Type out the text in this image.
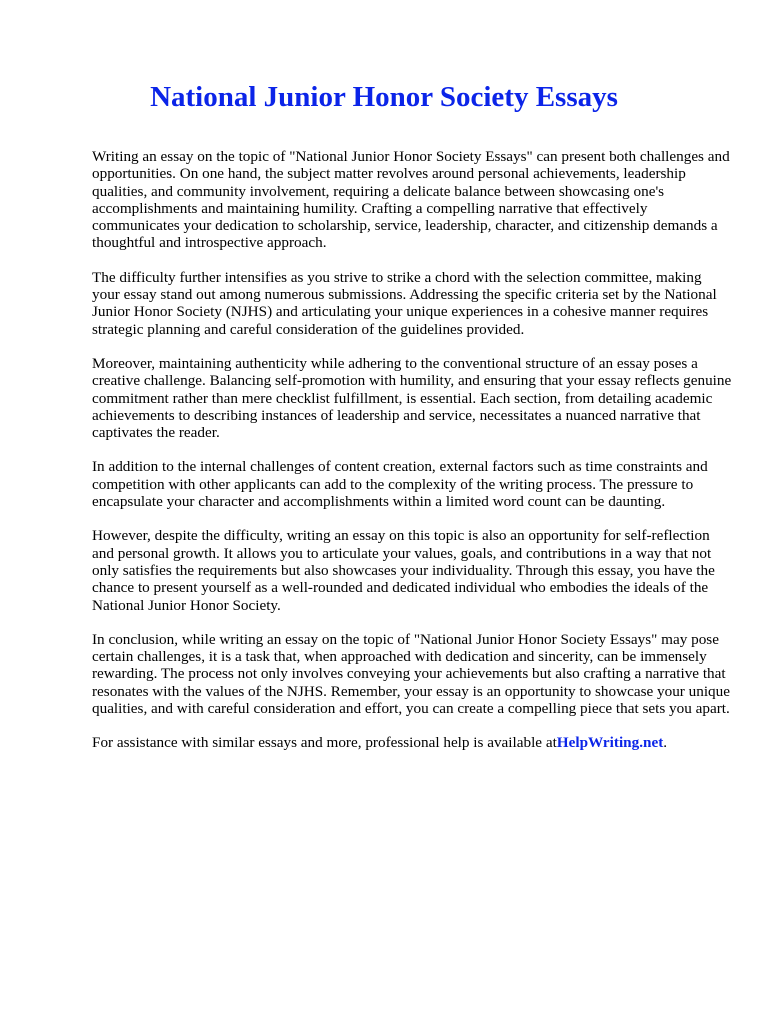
National Junior Honor Society Essays

Writing an essay on the topic of "National Junior Honor Society Essays" can present both challenges and opportunities. On one hand, the subject matter revolves around personal achievements, leadership qualities, and community involvement, requiring a delicate balance between showcasing one's accomplishments and maintaining humility. Crafting a compelling narrative that effectively communicates your dedication to scholarship, service, leadership, character, and citizenship demands a thoughtful and introspective approach.

The difficulty further intensifies as you strive to strike a chord with the selection committee, making your essay stand out among numerous submissions. Addressing the specific criteria set by the National Junior Honor Society (NJHS) and articulating your unique experiences in a cohesive manner requires strategic planning and careful consideration of the guidelines provided.

Moreover, maintaining authenticity while adhering to the conventional structure of an essay poses a creative challenge. Balancing self-promotion with humility, and ensuring that your essay reflects genuine commitment rather than mere checklist fulfillment, is essential. Each section, from detailing academic achievements to describing instances of leadership and service, necessitates a nuanced narrative that captivates the reader.

In addition to the internal challenges of content creation, external factors such as time constraints and competition with other applicants can add to the complexity of the writing process. The pressure to encapsulate your character and accomplishments within a limited word count can be daunting.

However, despite the difficulty, writing an essay on this topic is also an opportunity for self-reflection and personal growth. It allows you to articulate your values, goals, and contributions in a way that not only satisfies the requirements but also showcases your individuality. Through this essay, you have the chance to present yourself as a well-rounded and dedicated individual who embodies the ideals of the National Junior Honor Society.

In conclusion, while writing an essay on the topic of "National Junior Honor Society Essays" may pose certain challenges, it is a task that, when approached with dedication and sincerity, can be immensely rewarding. The process not only involves conveying your achievements but also crafting a narrative that resonates with the values of the NJHS. Remember, your essay is an opportunity to showcase your unique qualities, and with careful consideration and effort, you can create a compelling piece that sets you apart.

For assistance with similar essays and more, professional help is available atHelpWriting.net.
